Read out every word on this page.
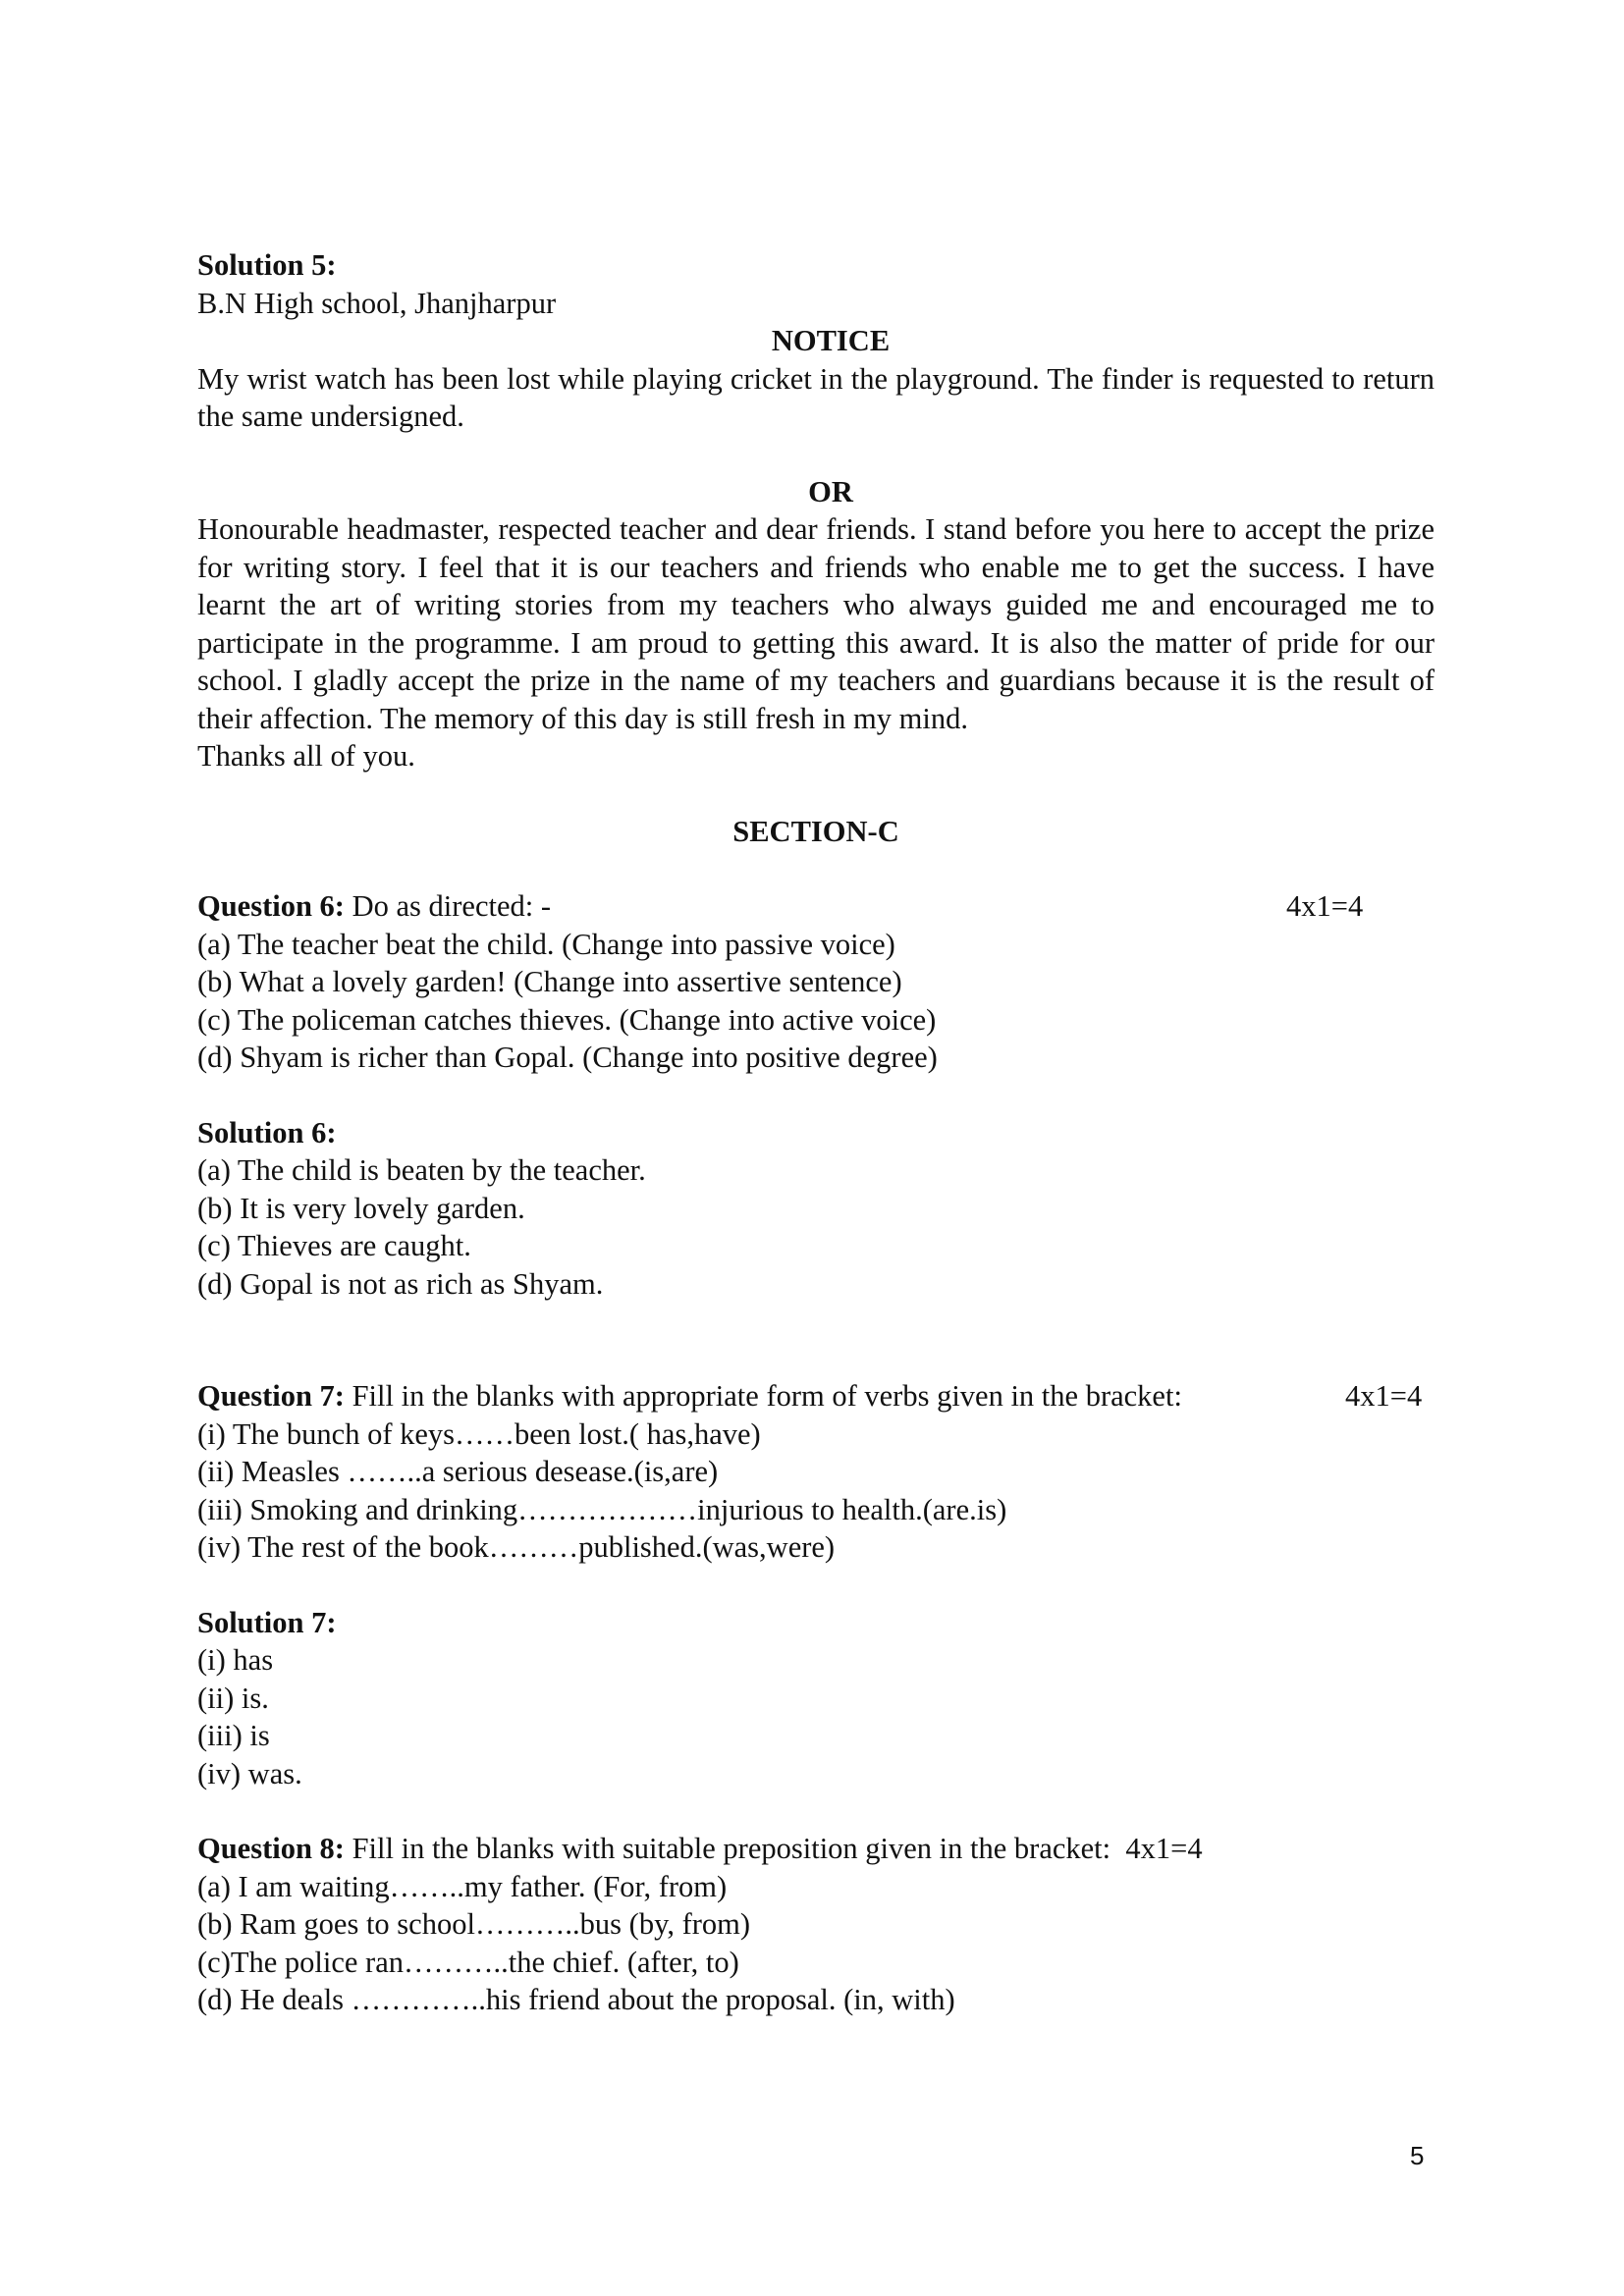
Solution 5:
B.N High school, Jhanjharpur
NOTICE

My wrist watch has been lost while playing cricket in the playground. The finder is requested to return the same undersigned.

OR

Honourable headmaster, respected teacher and dear friends. I stand before you here to accept the prize for writing story. I feel that it is our teachers and friends who enable me to get the success. I have learnt the art of writing stories from my teachers who always guided me and encouraged me to participate in the programme. I am proud to getting this award. It is also the matter of pride for our school. I gladly accept the prize in the name of my teachers and guardians because it is the result of their affection. The memory of this day is still fresh in my mind.

Thanks all of you.
SECTION-C
Question 6: Do as directed: -	4x1=4
(a) The teacher beat the child. (Change into passive voice)
(b) What a lovely garden! (Change into assertive sentence)
(c) The policeman catches thieves. (Change into active voice)
(d) Shyam is richer than Gopal. (Change into positive degree)
Solution 6:
(a) The child is beaten by the teacher.
(b) It is very lovely garden.
(c) Thieves are caught.
(d) Gopal is not as rich as Shyam.
Question 7: Fill in the blanks with appropriate form of verbs given in the bracket:	4x1=4
(i) The bunch of keys……been lost.( has,have)
(ii) Measles ……..a serious desease.(is,are)
(iii) Smoking and drinking………………injurious to health.(are.is)
(iv) The rest of the book………published.(was,were)
Solution 7:
(i) has
(ii) is.
(iii) is
(iv) was.
Question 8: Fill in the blanks with suitable preposition given in the bracket:  4x1=4
(a) I am waiting……..my father. (For, from)
(b) Ram goes to school………..bus (by, from)
(c)The police ran………..the chief. (after, to)
(d) He deals …………..his friend about the proposal. (in, with)
5
